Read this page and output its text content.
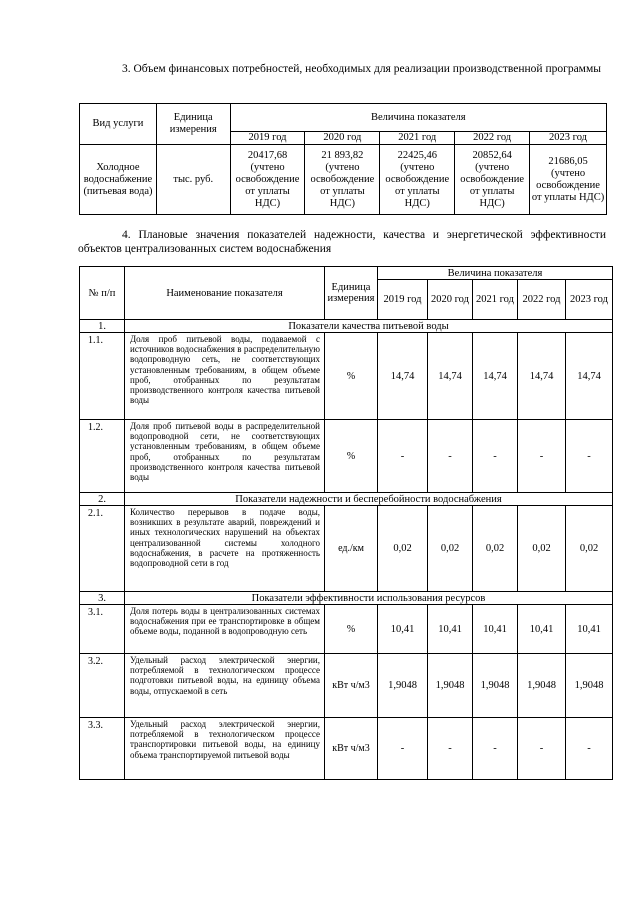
3. Объем финансовых потребностей, необходимых для реализации производственной программы
Вид услуги	Единица измерения	Величина показателя				
		2019 год	2020 год	2021 год	2022 год	2023 год
Холодное водоснабжение (питьевая вода)	тыс. руб.	20417,68 (учтено освобождение от уплаты НДС)	21 893,82 (учтено освобождение от уплаты НДС)	22425,46 (учтено освобождение от уплаты НДС)	20852,64 (учтено освобождение от уплаты НДС)	21686,05 (учтено освобождение от уплаты НДС)
4. Плановые значения показателей надежности, качества и энергетической эффективности объектов централизованных систем водоснабжения
№ п/п	Наименование показателя	Единица измерения	Величина показателя				
			2019 год	2020 год	2021 год	2022 год	2023 год
1.	Показатели качества питьевой воды						
1.1.	Доля проб питьевой воды, подаваемой с источников водоснабжения в распределительную водопроводную сеть, не соответствующих установленным требованиям, в общем объеме проб, отобранных по результатам производственного контроля качества питьевой воды	%	14,74	14,74	14,74	14,74	14,74
1.2.	Доля проб питьевой воды в распределительной водопроводной сети, не соответствующих установленным требованиям, в общем объеме проб, отобранных по результатам производственного контроля качества питьевой воды	%	-	-	-	-	-
2.	Показатели надежности и бесперебойности водоснабжения						
2.1.	Количество перерывов в подаче воды, возникших в результате аварий, повреждений и иных технологических нарушений на объектах централизованной системы холодного водоснабжения, в расчете на протяженность водопроводной сети в год	ед./км	0,02	0,02	0,02	0,02	0,02
3.	Показатели эффективности использования ресурсов						
3.1.	Доля потерь воды в централизованных системах водоснабжения при ее транспортировке в общем объеме воды, поданной в водопроводную сеть	%	10,41	10,41	10,41	10,41	10,41
3.2.	Удельный расход электрической энергии, потребляемой в технологическом процессе подготовки питьевой воды, на единицу объема воды, отпускаемой в сеть	кВт ч/м3	1,9048	1,9048	1,9048	1,9048	1,9048
3.3.	Удельный расход электрической энергии, потребляемой в технологическом процессе транспортировки питьевой воды, на единицу объема транспортируемой питьевой воды	кВт ч/м3	-	-	-	-	-
